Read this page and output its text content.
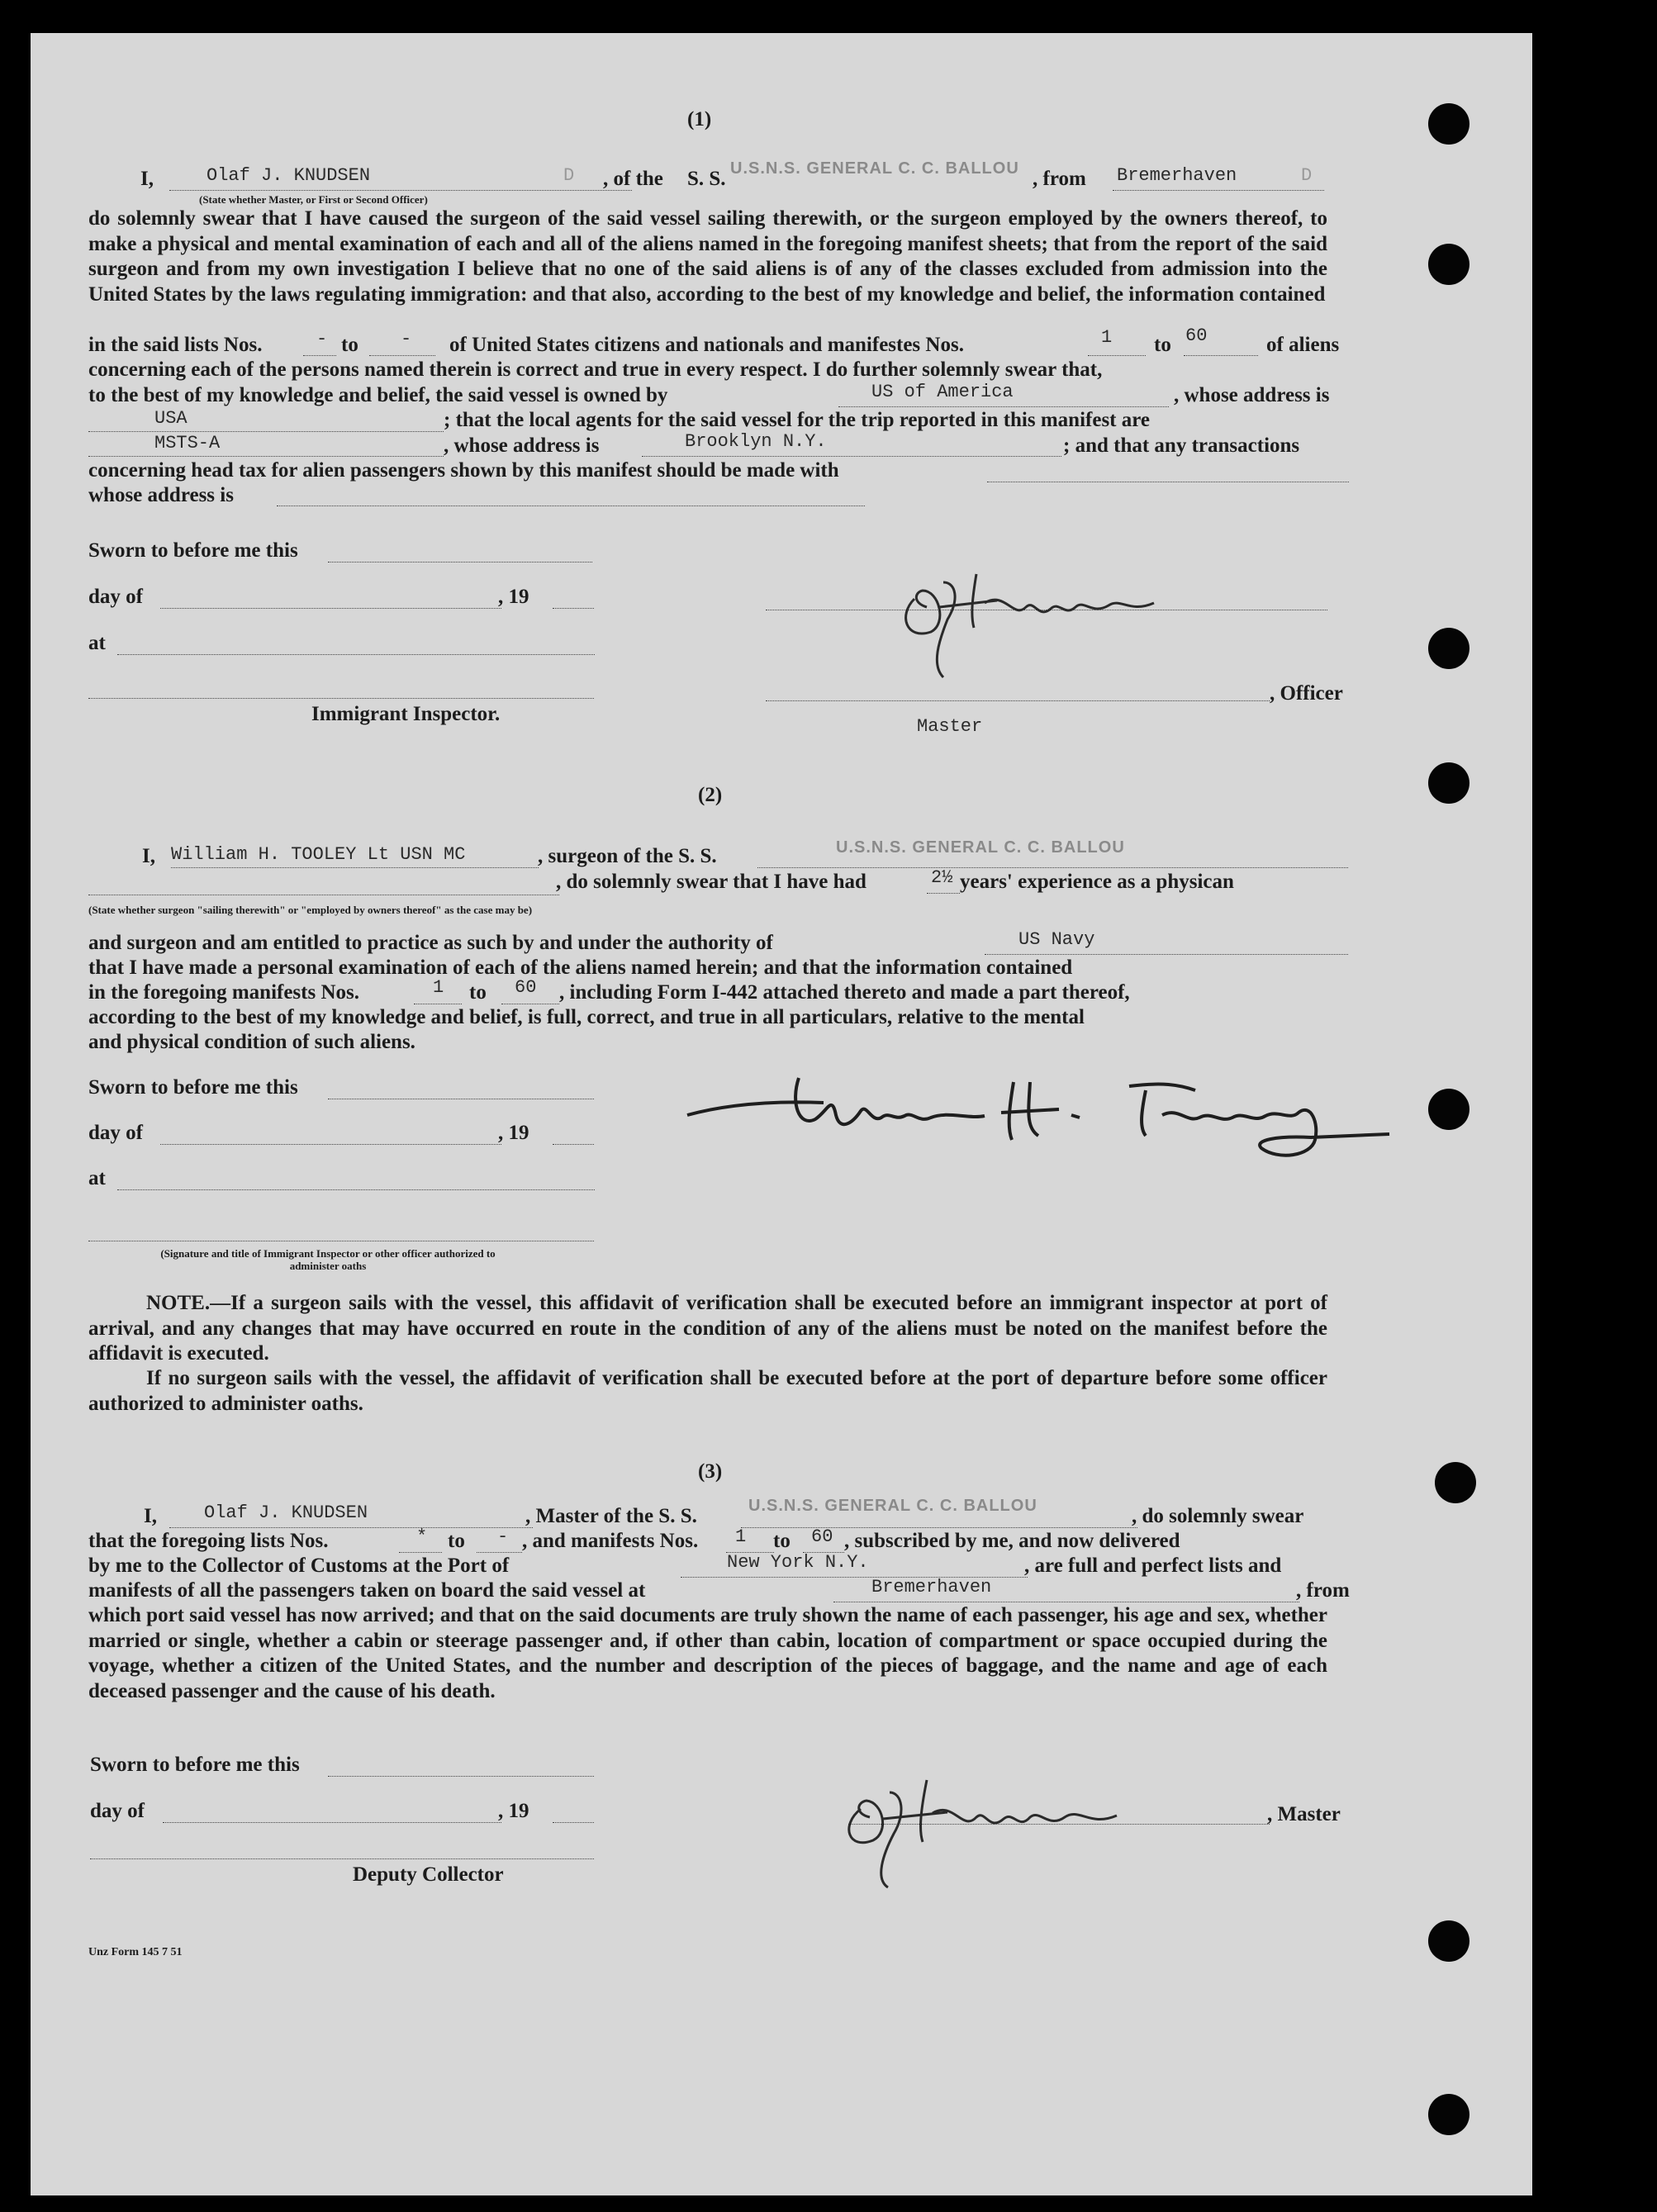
(1)
I,	Olaf J. KNUDSEN	D , of the S. S. U.S.N.S. GENERAL C. C. BALLOU , from Bremerhaven	D
(State whether Master, or First or Second Officer)
do solemnly swear that I have caused the surgeon of the said vessel sailing therewith, or the surgeon employed by the owners thereof, to make a physical and mental examination of each and all of the aliens named in the foregoing manifest sheets; that from the report of the said surgeon and from my own investigation I believe that no one of the said aliens is of any of the classes excluded from admission into the United States by the laws regulating immigration: and that also, according to the best of my knowledge and belief, the information contained
in the said lists Nos.	- to - of United States citizens and nationals and manifestes Nos.	1 to 60	of aliens
concerning each of the persons named therein is correct and true in every respect. I do further solemnly swear that,
to the best of my knowledge and belief, the said vessel is owned by	US of America	, whose address is
USA	; that the local agents for the said vessel for the trip reported in this manifest are
MSTS-A	, whose address is	Brooklyn N.Y.	; and that any transactions
concerning head tax for alien passengers shown by this manifest should be made with
whose address is
Sworn to before me this
day of	, 19
at
Immigrant Inspector.
, Officer
Master
(2)
I, William H. TOOLEY Lt USN MC	, surgeon of the S. S.	U.S.N.S. GENERAL C. C. BALLOU
, do solemnly swear that I have had	2½ years' experience as a physican
(State whether surgeon "sailing therewith" or "employed by owners thereof" as the case may be)
and surgeon and am entitled to practice as such by and under the authority of	US Navy
that I have made a personal examination of each of the aliens named herein; and that the information contained
in the foregoing manifests Nos.	1 to 60 , including Form I-442 attached thereto and made a part thereof,
according to the best of my knowledge and belief, is full, correct, and true in all particulars, relative to the mental
and physical condition of such aliens.
Sworn to before me this
day of	, 19
at
(Signature and title of Immigrant Inspector or other officer authorized to administer oaths
NOTE.—If a surgeon sails with the vessel, this affidavit of verification shall be executed before an immigrant inspector at port of arrival, and any changes that may have occurred en route in the condition of any of the aliens must be noted on the manifest before the affidavit is executed.
If no surgeon sails with the vessel, the affidavit of verification shall be executed before at the port of departure before some officer authorized to administer oaths.
(3)
I,	Olaf J. KNUDSEN	, Master of the S. S.	U.S.N.S. GENERAL C. C. BALLOU	, do solemnly swear
that the foregoing lists Nos.	* to - , and manifests Nos. 1 to 60 , subscribed by me, and now delivered
by me to the Collector of Customs at the Port of	New York N.Y.	, are full and perfect lists and
manifests of all the passengers taken on board the said vessel at	Bremerhaven	, from
which port said vessel has now arrived; and that on the said documents are truly shown the name of each passenger, his age and sex, whether married or single, whether a cabin or steerage passenger and, if other than cabin, location of compartment or space occupied during the voyage, whether a citizen of the United States, and the number and description of the pieces of baggage, and the name and age of each deceased passenger and the cause of his death.
Sworn to before me this
day of	, 19
Deputy Collector
, Master
Unz Form 145 7 51
